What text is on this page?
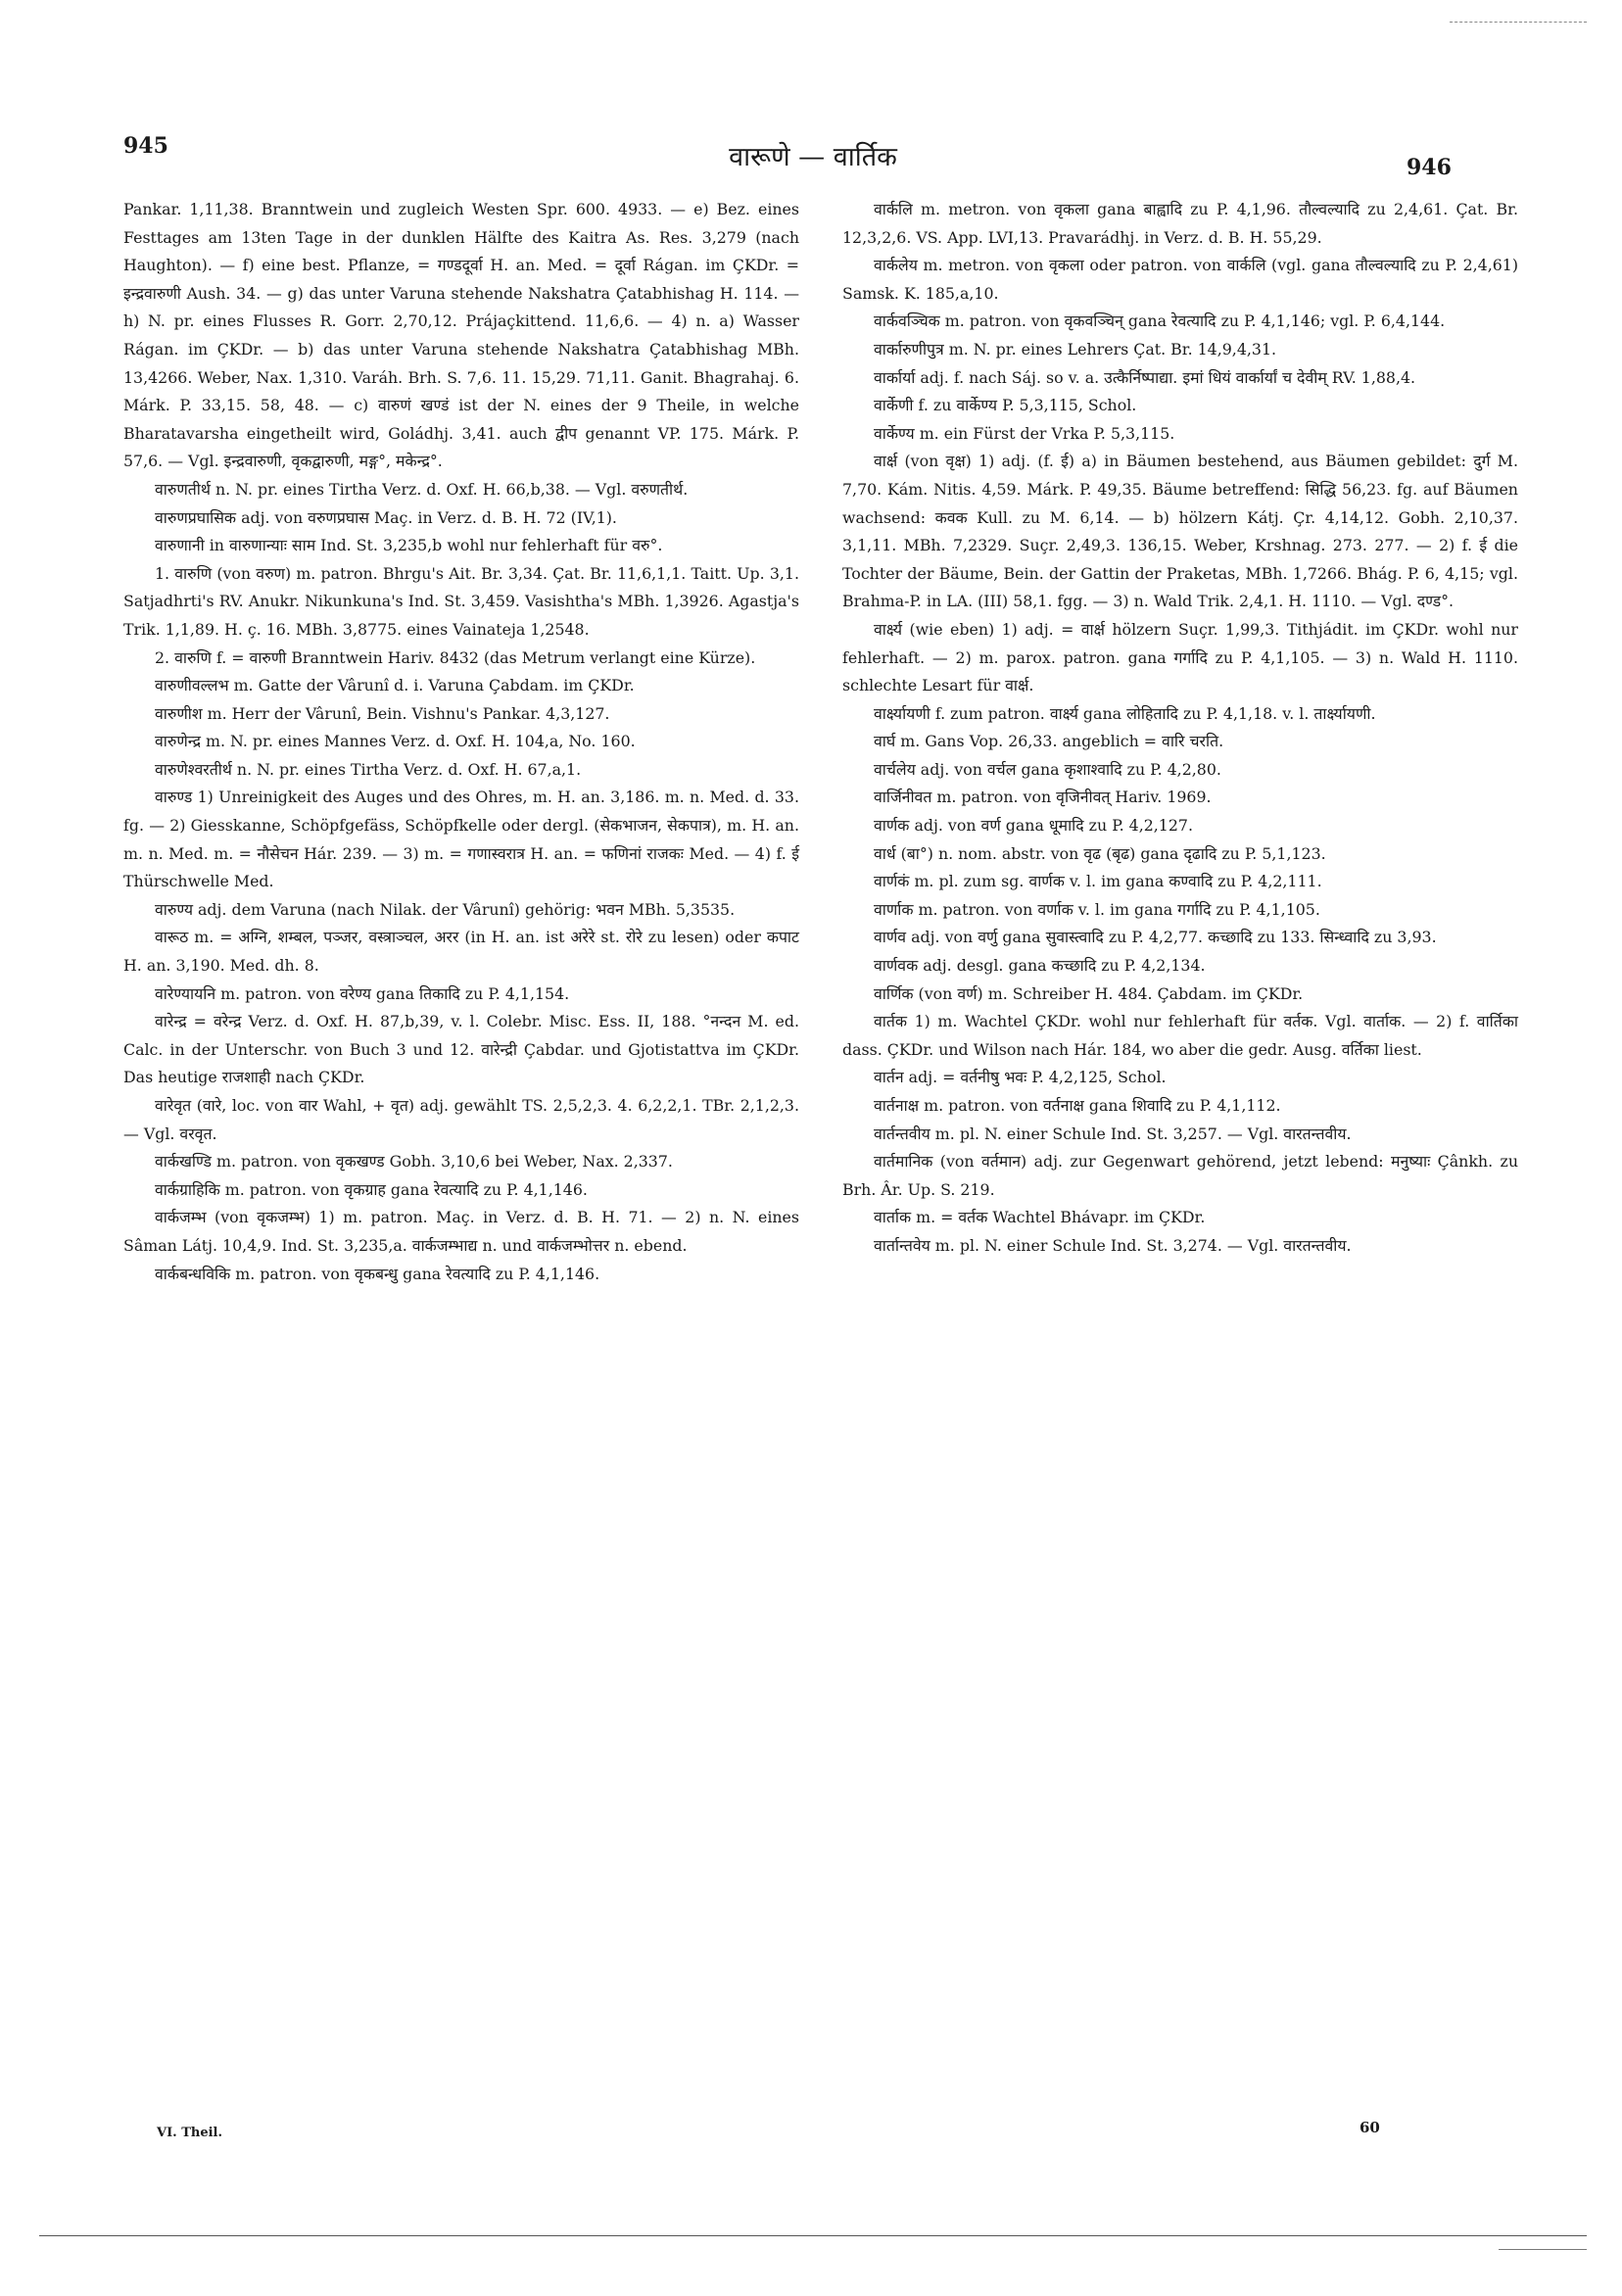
945	वारूणे — वार्तिक	946

Pankar. 1,11,38. Branntwein und zugleich Westen Spr. 600. 4933. — e) Bez. eines Festtages am 13ten Tage in der dunklen Hälfte des Kaitra As. Res. 3,279 (nach Haughton). — f) eine best. Pflanze, = गण्डदूर्वा H. an. Med. = दूर्वा Rágan. im ÇKDr. = इन्द्रवारुणी Aush. 34. — g) das unter Varuna stehende Nakshatra Çatabhishag H. 114. — h) N. pr. eines Flusses R. Gorr. 2,70,12. Prájaçkittend. 11,6,6. — 4) n. a) Wasser Rágan. im ÇKDr. — b) das unter Varuna stehende Nakshatra Çatabhishag MBh. 13,4266. Weber, Nax. 1,310. Varáh. Brh. S. 7,6. 11. 15,29. 71,11. Ganit. Bhagrahaj. 6. Márk. P. 33,15. 58, 48. — c) वारुणं खण्डं ist der N. eines der 9 Theile, in welche Bharatavarsha eingetheilt wird, Goládhj. 3,41. auch द्वीप genannt VP. 175. Márk. P. 57,6. — Vgl. इन्द्रवारुणी, वृकद्वारुणी, मङ्ग°, मकेन्द्र°.

वारुणतीर्थ n. N. pr. eines Tirtha Verz. d. Oxf. H. 66,b,38. — Vgl. वरुणतीर्थ.

वारुणप्रघासिक adj. von वरुणप्रघास Maç. in Verz. d. B. H. 72 (IV,1).

वारुणानी in वारुणान्याः साम Ind. St. 3,235,b wohl nur fehlerhaft für वरु°.

1. वारुणि (von वरुण) m. patron. Bhrgu's Ait. Br. 3,34. Çat. Br. 11,6,1,1. Taitt. Up. 3,1. Satjadhrti's RV. Anukr. Nikunkuna's Ind. St. 3,459. Vasishtha's MBh. 1,3926. Agastja's Trik. 1,1,89. H. ç. 16. MBh. 3,8775. eines Vainateja 1,2548.

2. वारुणि f. = वारुणी Branntwein Hariv. 8432 (das Metrum verlangt eine Kürze).

वारुणीवल्लभ m. Gatte der Vârunî d. i. Varuna Çabdam. im ÇKDr.

वारुणीश m. Herr der Vârunî, Bein. Vishnu's Pankar. 4,3,127.

वारुणेन्द्र m. N. pr. eines Mannes Verz. d. Oxf. H. 104,a, No. 160.

वारुणेश्वरतीर्थ n. N. pr. eines Tirtha Verz. d. Oxf. H. 67,a,1.

वारुण्ड 1) Unreinigkeit des Auges und des Ohres, m. H. an. 3,186. m. n. Med. d. 33. fg. — 2) Giesskanne, Schöpfgefäss, Schöpfkelle oder dergl. (सेकभाजन, सेकपात्र), m. H. an. m. n. Med. m. = नौसेचन Hár. 239. — 3) m. = गणास्वरात्र H. an. = फणिनां राजकः Med. — 4) f. ई Thürschwelle Med.

वारुण्य adj. dem Varuna (nach Nilak. der Vârunî) gehörig: भवन MBh. 5,3535.

वारूठ m. = अग्नि, शम्बल, पञ्जर, वस्त्राञ्चल, अरर (in H. an. ist अरेरे st. रोरे zu lesen) oder कपाट H. an. 3,190. Med. dh. 8.

वारेण्यायनि m. patron. von वरेण्य gana तिकादि zu P. 4,1,154.

वारेन्द्र = वरेन्द्र Verz. d. Oxf. H. 87,b,39, v. l. Colebr. Misc. Ess. II, 188. °नन्दन M. ed. Calc. in der Unterschr. von Buch 3 und 12. वारेन्द्री Çabdar. und Gjotistattva im ÇKDr. Das heutige राजशाही nach ÇKDr.

वारेवृत (वारे, loc. von वार Wahl, + वृत) adj. gewählt TS. 2,5,2,3. 4. 6,2,2,1. TBr. 2,1,2,3. — Vgl. वरवृत.

वार्कखण्डि m. patron. von वृकखण्ड Gobh. 3,10,6 bei Weber, Nax. 2,337.

वार्कग्राहिकि m. patron. von वृकग्राह gana रेवत्यादि zu P. 4,1,146.

वार्कजम्भ (von वृकजम्भ) 1) m. patron. Maç. in Verz. d. B. H. 71. — 2) n. N. eines Sâman Látj. 10,4,9. Ind. St. 3,235,a. वार्कजम्भाद्य n. und वार्कजम्भोत्तर n. ebend.

वार्कबन्धविकि m. patron. von वृकबन्धु gana रेवत्यादि zu P. 4,1,146.

वार्कलि m. metron. von वृकला gana बाह्वादि zu P. 4,1,96. तौल्वल्यादि zu 2,4,61. Çat. Br. 12,3,2,6. VS. App. LVI,13. Pravarádhj. in Verz. d. B. H. 55,29.

वार्कलेय m. metron. von वृकला oder patron. von वार्कलि (vgl. gana तौल्वल्यादि zu P. 2,4,61) Samsk. K. 185,a,10.

वार्कवञ्चिक m. patron. von वृकवञ्चिन् gana रेवत्यादि zu P. 4,1,146; vgl. P. 6,4,144.

वार्कारुणीपुत्र m. N. pr. eines Lehrers Çat. Br. 14,9,4,31.

वार्कार्या adj. f. nach Sáj. so v. a. उत्कैर्निष्पाद्या. इमां धियं वार्कार्यां च देवीम् RV. 1,88,4.

वार्केणी f. zu वार्केण्य P. 5,3,115, Schol.

वार्केण्य m. ein Fürst der Vrka P. 5,3,115.

वार्क्ष (von वृक्ष) 1) adj. (f. ई) a) in Bäumen bestehend, aus Bäumen gebildet: दुर्ग M. 7,70. Kám. Nitis. 4,59. Márk. P. 49,35. Bäume betreffend: सिद्धि 56,23. fg. auf Bäumen wachsend: कवक Kull. zu M. 6,14. — b) hölzern Kátj. Çr. 4,14,12. Gobh. 2,10,37. 3,1,11. MBh. 7,2329. Suçr. 2,49,3. 136,15. Weber, Krshnag. 273. 277. — 2) f. ई die Tochter der Bäume, Bein. der Gattin der Praketas, MBh. 1,7266. Bhág. P. 6, 4,15; vgl. Brahma-P. in LA. (III) 58,1. fgg. — 3) n. Wald Trik. 2,4,1. H. 1110. — Vgl. दण्ड°.

वार्क्ष्य (wie eben) 1) adj. = वार्क्ष hölzern Suçr. 1,99,3. Tithjádit. im ÇKDr. wohl nur fehlerhaft. — 2) m. parox. patron. gana गर्गादि zu P. 4,1,105. — 3) n. Wald H. 1110. schlechte Lesart für वार्क्ष.

वार्क्ष्यायणी f. zum patron. वार्क्ष्य gana लोहितादि zu P. 4,1,18. v. l. तार्क्ष्यायणी.

वार्घ m. Gans Vop. 26,33. angeblich = वारि चरति.

वार्चलेय adj. von वर्चल gana कृशाश्वादि zu P. 4,2,80.

वार्जिनीवत m. patron. von वृजिनीवत् Hariv. 1969.

वार्णक adj. von वर्ण gana धूमादि zu P. 4,2,127.

वार्ध (बा°) n. nom. abstr. von वृढ (बृढ) gana दृढादि zu P. 5,1,123.

वार्णकं m. pl. zum sg. वार्णक v. l. im gana कण्वादि zu P. 4,2,111.

वार्णाक m. patron. von वर्णाक v. l. im gana गर्गादि zu P. 4,1,105.

वार्णव adj. von वर्णु gana सुवास्त्वादि zu P. 4,2,77. कच्छादि zu 133. सिन्ध्वादि zu 3,93.

वार्णवक adj. desgl. gana कच्छादि zu P. 4,2,134.

वार्णिक (von वर्ण) m. Schreiber H. 484. Çabdam. im ÇKDr.

वार्तक 1) m. Wachtel ÇKDr. wohl nur fehlerhaft für वर्तक. Vgl. वार्ताक. — 2) f. वार्तिका dass. ÇKDr. und Wilson nach Hár. 184, wo aber die gedr. Ausg. वर्तिका liest.

वार्तन adj. = वर्तनीषु भवः P. 4,2,125, Schol.

वार्तनाक्ष m. patron. von वर्तनाक्ष gana शिवादि zu P. 4,1,112.

वार्तन्तवीय m. pl. N. einer Schule Ind. St. 3,257. — Vgl. वारतन्तवीय.

वार्तमानिक (von वर्तमान) adj. zur Gegenwart gehörend, jetzt lebend: मनुष्याः Çânkh. zu Brh. Âr. Up. S. 219.

वार्ताक m. = वर्तक Wachtel Bhávapr. im ÇKDr.

वार्तान्तवेय m. pl. N. einer Schule Ind. St. 3,274. — Vgl. वारतन्तवीय.

VI. Theil.	60
